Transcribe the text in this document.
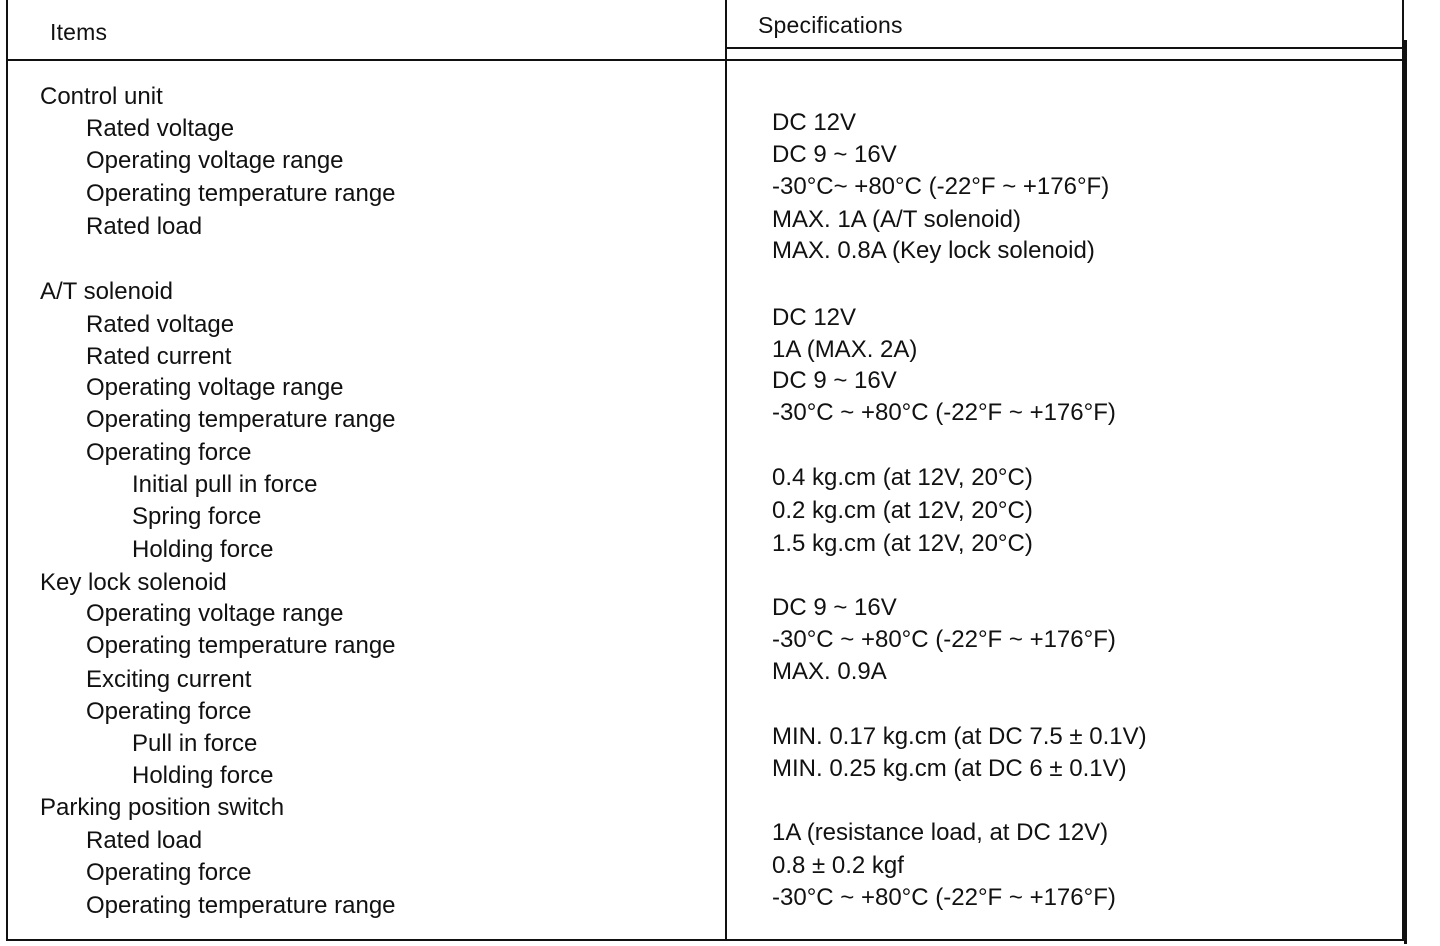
Items	Specifications
Control unit
Rated voltage
Operating voltage range
Operating temperature range
Rated load
A/T solenoid
Rated voltage
Rated current
Operating voltage range
Operating temperature range
Operating force
Initial pull in force
Spring force
Holding force
Key lock solenoid
Operating voltage range
Operating temperature range
Exciting current
Operating force
Pull in force
Holding force
Parking position switch
Rated load
Operating force
Operating temperature range
DC 12V
DC 9 ~ 16V
-30°C~ +80°C (-22°F ~ +176°F)
MAX. 1A (A/T solenoid)
MAX. 0.8A (Key lock solenoid)
DC 12V
1A (MAX. 2A)
DC 9 ~ 16V
-30°C ~ +80°C (-22°F ~ +176°F)
0.4 kg.cm (at 12V, 20°C)
0.2 kg.cm (at 12V, 20°C)
1.5 kg.cm (at 12V, 20°C)
DC 9 ~ 16V
-30°C ~ +80°C (-22°F ~ +176°F)
MAX. 0.9A
MIN. 0.17 kg.cm (at DC 7.5 ± 0.1V)
MIN. 0.25 kg.cm (at DC 6 ± 0.1V)
1A (resistance load, at DC 12V)
0.8 ± 0.2 kgf
-30°C ~ +80°C (-22°F ~ +176°F)
